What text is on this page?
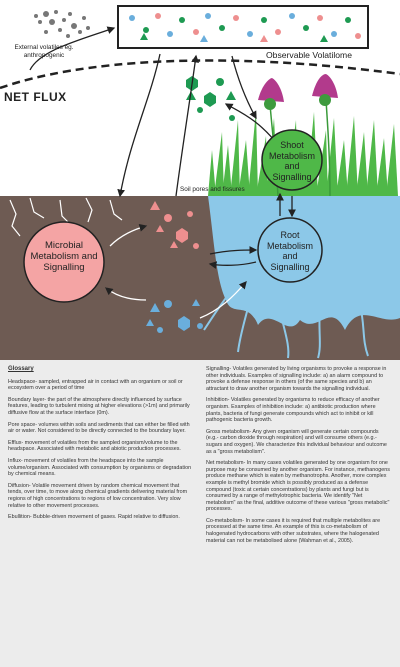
External volatiles eg. anthropogenic	Observable Volatilome
NET FLUX
Soil pores and fissures
Shoot Metabolism and Signalling
Root Metabolism and Signalling
Microbial Metabolism and Signalling
Glossary

Headspace- sampled, entrapped air in contact with an organism or soil or ecosystem over a period of time

Boundary layer- the part of the atmosphere directly influenced by surface features, leading to turbulent mixing at higher elevations (>1m) and primarily diffusive flow at the surface interface (0m).

Pore space- volumes within soils and sediments that can either be filled with air or water. Not considered to be directly connected to the boundary layer.

Efflux- movement of volatiles from the sampled organism/volume to the headspace. Associated with metabolic and abiotic production processes.

Influx- movement of volatiles from the headspace into the sample volume/organism. Associated with consumption by organisms or degradation by chemical means.

Diffusion- Volatile movement driven by random chemical movement that tends, over time, to move along chemical gradients delivering material from regions of high concentrations to regions of low concentration. Very slow relative to other movement processes.

Ebullition- Bubble-driven movement of gases. Rapid relative to diffusion.

Signalling- Volatiles generated by living organisms to provoke a response in other individuals. Examples of signalling include: a) an alarm compound to provoke a defense response in others (of the same species and b) an attractant to draw another organism towards the signalling individual.

Inhibition- Volatiles generated by organisms to reduce efficacy of another organism. Examples of inhibition include: a) antibiotic production where plants, bacteria of fungi generate compounds which act to inhibit or kill pathogenic bacteria growth.

Gross metabolism- Any given organism will generate certain compounds (e.g.- carbon dioxide through respiration) and will consume others (e.g.- sugars and oxygen). We characterize this individual behaviour and outcome as a "gross metabolism".

Net metabolism- In many cases volatiles generated by one organism for one purpose may be consumed by another organism. For instance, methanogens produce methane which is eaten by methanotrophs. Another, more complex example is methyl bromide which is possibly produced as a defense compound (toxic at certain concentrations) by plants and fungi but is consumed by a range of methylotrophic bacteria. We identify "Net metabolism" as the final, additive outcome of these various "gross metabolic" processes.

Co-metabolism- In some cases it is required that multiple metabolites are processed at the same time. An example of this is co-metabolism of halogenated hydrocarbons with other substrates, where the halogenated material can not be metabolised alone (Wahman et al., 2005).
